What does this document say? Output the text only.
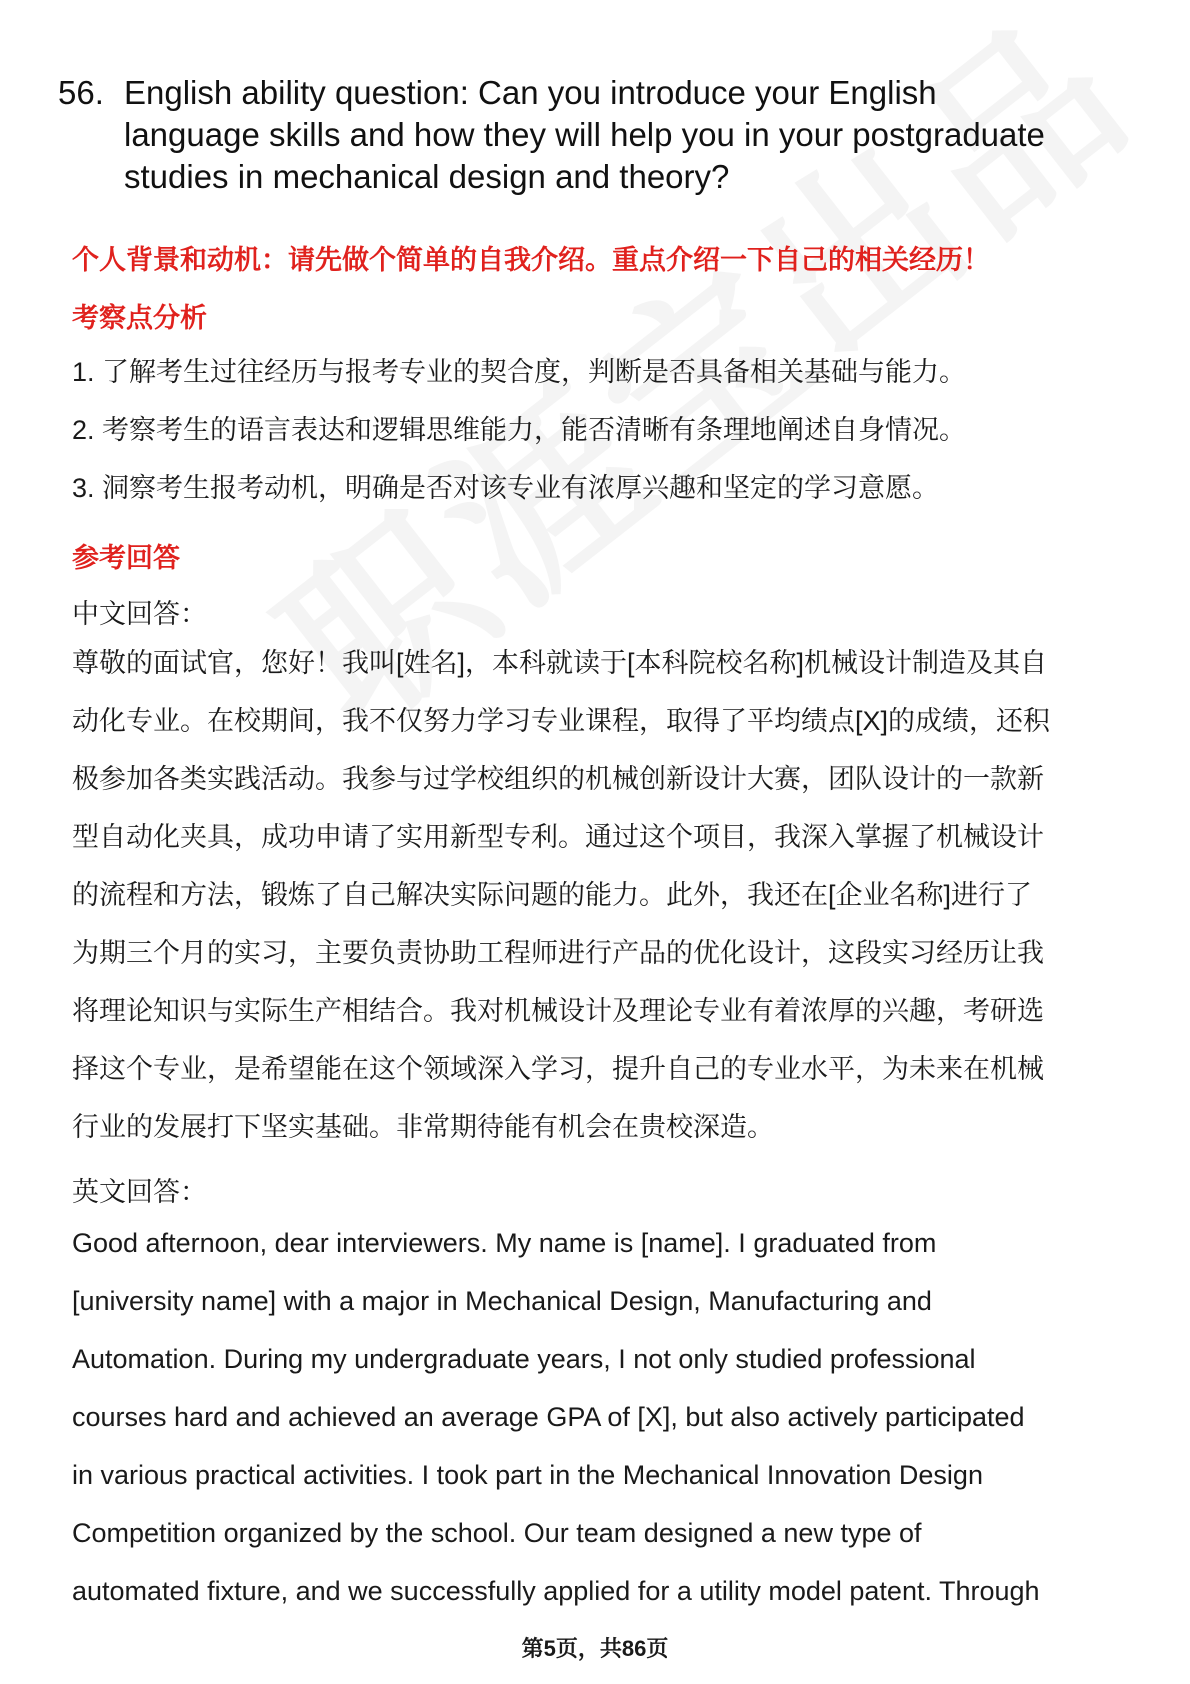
56. English ability question: Can you introduce your English
language skills and how they will help you in your postgraduate
studies in mechanical design and theory?
个人背景和动机：请先做个简单的自我介绍。重点介绍一下自己的相关经历！
考察点分析
1. 了解考生过往经历与报考专业的契合度，判断是否具备相关基础与能力。
2. 考察考生的语言表达和逻辑思维能力，能否清晰有条理地阐述自身情况。
3. 洞察考生报考动机，明确是否对该专业有浓厚兴趣和坚定的学习意愿。
参考回答
中文回答：
尊敬的面试官，您好！我叫[姓名]，本科就读于[本科院校名称]机械设计制造及其自
动化专业。在校期间，我不仅努力学习专业课程，取得了平均绩点[X]的成绩，还积
极参加各类实践活动。我参与过学校组织的机械创新设计大赛，团队设计的一款新
型自动化夹具，成功申请了实用新型专利。通过这个项目，我深入掌握了机械设计
的流程和方法，锻炼了自己解决实际问题的能力。此外，我还在[企业名称]进行了
为期三个月的实习，主要负责协助工程师进行产品的优化设计，这段实习经历让我
将理论知识与实际生产相结合。我对机械设计及理论专业有着浓厚的兴趣，考研选
择这个专业，是希望能在这个领域深入学习，提升自己的专业水平，为未来在机械
行业的发展打下坚实基础。非常期待能有机会在贵校深造。
英文回答：
Good afternoon, dear interviewers. My name is [name]. I graduated from
[university name] with a major in Mechanical Design, Manufacturing and
Automation. During my undergraduate years, I not only studied professional
courses hard and achieved an average GPA of [X], but also actively participated
in various practical activities. I took part in the Mechanical Innovation Design
Competition organized by the school. Our team designed a new type of
automated fixture, and we successfully applied for a utility model patent. Through
第5页，共86页
